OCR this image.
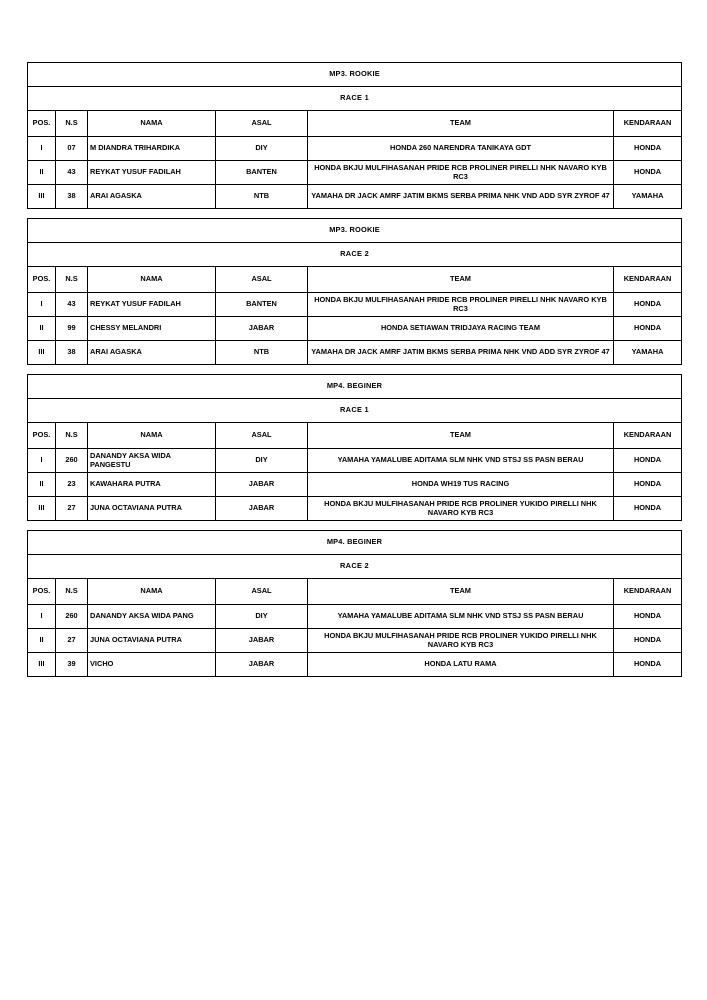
MP3. ROOKIE					
RACE 1					
POS.	N.S	NAMA	ASAL	TEAM	KENDARAAN
I	07	M DIANDRA TRIHARDIKA	DIY	HONDA 260 NARENDRA TANIKAYA GDT	HONDA
II	43	REYKAT YUSUF FADILAH	BANTEN	HONDA BKJU MULFIHASANAH PRIDE RCB PROLINER PIRELLI NHK NAVARO KYB RC3	HONDA
III	38	ARAI AGASKA	NTB	YAMAHA DR JACK AMRF JATIM BKMS SERBA PRIMA NHK VND ADD SYR ZYROF 47	YAMAHA
MP3. ROOKIE					
RACE 2					
POS.	N.S	NAMA	ASAL	TEAM	KENDARAAN
I	43	REYKAT YUSUF FADILAH	BANTEN	HONDA BKJU MULFIHASANAH PRIDE RCB PROLINER PIRELLI NHK NAVARO KYB RC3	HONDA
II	99	CHESSY MELANDRI	JABAR	HONDA SETIAWAN TRIDJAYA RACING TEAM	HONDA
III	38	ARAI AGASKA	NTB	YAMAHA DR JACK AMRF JATIM BKMS SERBA PRIMA NHK VND ADD SYR ZYROF 47	YAMAHA
MP4. BEGINER					
RACE 1					
POS.	N.S	NAMA	ASAL	TEAM	KENDARAAN
I	260	DANANDY AKSA WIDA PANGESTU	DIY	YAMAHA YAMALUBE ADITAMA SLM NHK VND STSJ SS PASN BERAU	HONDA
II	23	KAWAHARA PUTRA	JABAR	HONDA WH19 TUS RACING	HONDA
III	27	JUNA OCTAVIANA PUTRA	JABAR	HONDA BKJU MULFIHASANAH PRIDE RCB PROLINER YUKIDO PIRELLI NHK NAVARO KYB RC3	HONDA
MP4. BEGINER					
RACE 2					
POS.	N.S	NAMA	ASAL	TEAM	KENDARAAN
I	260	DANANDY AKSA WIDA PANG	DIY	YAMAHA YAMALUBE ADITAMA SLM NHK VND STSJ SS PASN BERAU	HONDA
II	27	JUNA OCTAVIANA PUTRA	JABAR	HONDA BKJU MULFIHASANAH PRIDE RCB PROLINER YUKIDO PIRELLI NHK NAVARO KYB RC3	HONDA
III	39	VICHO	JABAR	HONDA LATU RAMA	HONDA
